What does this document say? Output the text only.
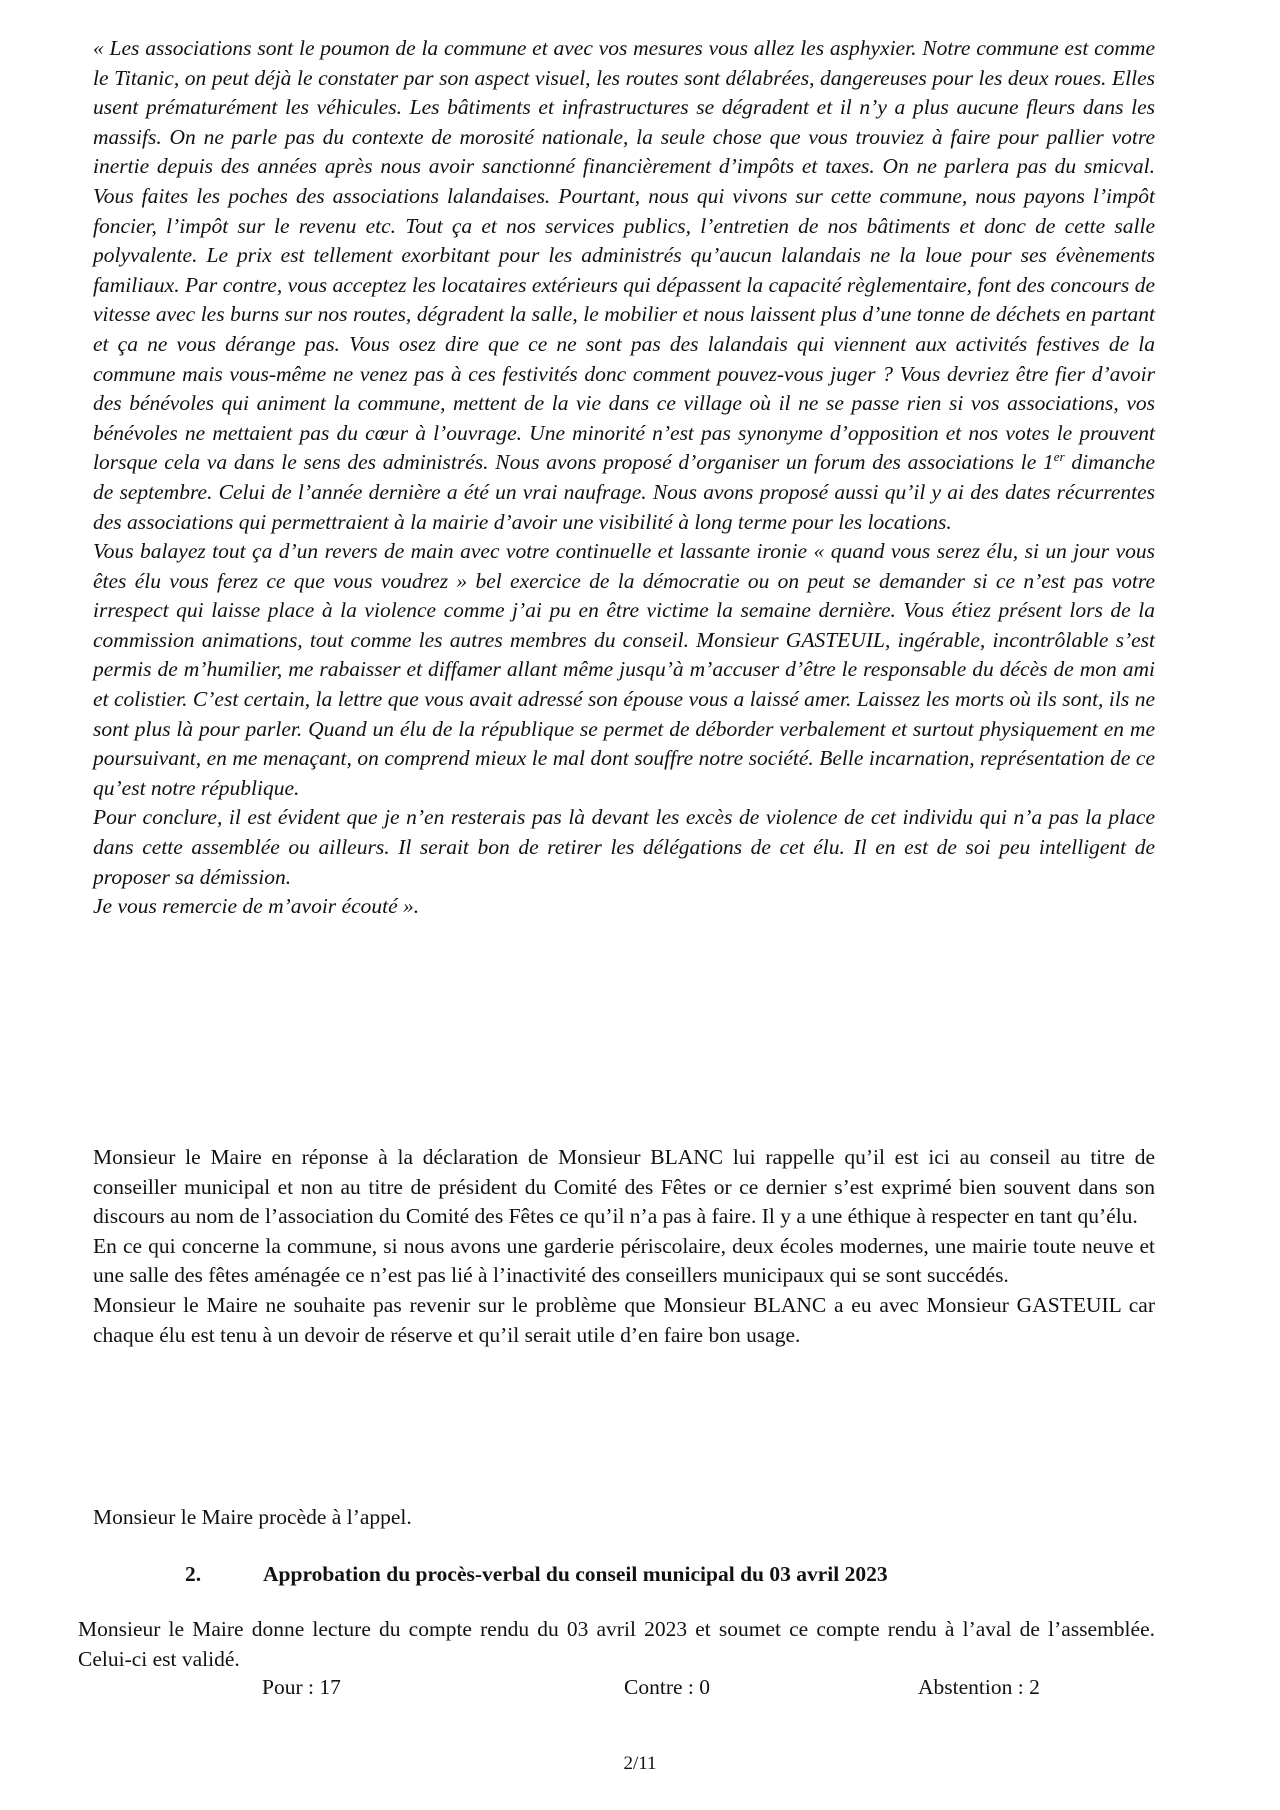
« Les associations sont le poumon de la commune et avec vos mesures vous allez les asphyxier. Notre commune est comme le Titanic, on peut déjà le constater par son aspect visuel, les routes sont délabrées, dangereuses pour les deux roues. Elles usent prématurément les véhicules. Les bâtiments et infrastructures se dégradent et il n’y a plus aucune fleurs dans les massifs. On ne parle pas du contexte de morosité nationale, la seule chose que vous trouviez à faire pour pallier votre inertie depuis des années après nous avoir sanctionné financièrement d’impôts et taxes. On ne parlera pas du smicval. Vous faites les poches des associations lalandaises. Pourtant, nous qui vivons sur cette commune, nous payons l’impôt foncier, l’impôt sur le revenu etc. Tout ça et nos services publics, l’entretien de nos bâtiments et donc de cette salle polyvalente. Le prix est tellement exorbitant pour les administrés qu’aucun lalandais ne la loue pour ses évènements familiaux. Par contre, vous acceptez les locataires extérieurs qui dépassent la capacité règlementaire, font des concours de vitesse avec les burns sur nos routes, dégradent la salle, le mobilier et nous laissent plus d’une tonne de déchets en partant et ça ne vous dérange pas. Vous osez dire que ce ne sont pas des lalandais qui viennent aux activités festives de la commune mais vous-même ne venez pas à ces festivités donc comment pouvez-vous juger ? Vous devriez être fier d’avoir des bénévoles qui animent la commune, mettent de la vie dans ce village où il ne se passe rien si vos associations, vos bénévoles ne mettaient pas du cœur à l’ouvrage. Une minorité n’est pas synonyme d’opposition et nos votes le prouvent lorsque cela va dans le sens des administrés. Nous avons proposé d’organiser un forum des associations le 1er dimanche de septembre. Celui de l’année dernière a été un vrai naufrage. Nous avons proposé aussi qu’il y ai des dates récurrentes des associations qui permettraient à la mairie d’avoir une visibilité à long terme pour les locations.

Vous balayez tout ça d’un revers de main avec votre continuelle et lassante ironie « quand vous serez élu, si un jour vous êtes élu vous ferez ce que vous voudrez » bel exercice de la démocratie ou on peut se demander si ce n’est pas votre irrespect qui laisse place à la violence comme j’ai pu en être victime la semaine dernière. Vous étiez présent lors de la commission animations, tout comme les autres membres du conseil. Monsieur GASTEUIL, ingérable, incontrôlable s’est permis de m’humilier, me rabaisser et diffamer allant même jusqu’à m’accuser d’être le responsable du décès de mon ami et colistier. C’est certain, la lettre que vous avait adressé son épouse vous a laissé amer. Laissez les morts où ils sont, ils ne sont plus là pour parler. Quand un élu de la république se permet de déborder verbalement et surtout physiquement en me poursuivant, en me menaçant, on comprend mieux le mal dont souffre notre société. Belle incarnation, représentation de ce qu’est notre république.

Pour conclure, il est évident que je n’en resterais pas là devant les excès de violence de cet individu qui n’a pas la place dans cette assemblée ou ailleurs. Il serait bon de retirer les délégations de cet élu. Il en est de soi peu intelligent de proposer sa démission.

Je vous remercie de m’avoir écouté ».

Monsieur le Maire en réponse à la déclaration de Monsieur BLANC lui rappelle qu’il est ici au conseil au titre de conseiller municipal et non au titre de président du Comité des Fêtes or ce dernier s’est exprimé bien souvent dans son discours au nom de l’association du Comité des Fêtes ce qu’il n’a pas à faire. Il y a une éthique à respecter en tant qu’élu.

En ce qui concerne la commune, si nous avons une garderie périscolaire, deux écoles modernes, une mairie toute neuve et une salle des fêtes aménagée ce n’est pas lié à l’inactivité des conseillers municipaux qui se sont succédés.

Monsieur le Maire ne souhaite pas revenir sur le problème que Monsieur BLANC a eu avec Monsieur GASTEUIL car chaque élu est tenu à un devoir de réserve et qu’il serait utile d’en faire bon usage.

Monsieur le Maire procède à l’appel.
2.	Approbation du procès-verbal du conseil municipal du 03 avril 2023
Monsieur le Maire donne lecture du compte rendu du 03 avril 2023 et soumet ce compte rendu à l’aval de l’assemblée. Celui-ci est validé.
Pour : 17	Contre : 0	Abstention : 2
2/11
